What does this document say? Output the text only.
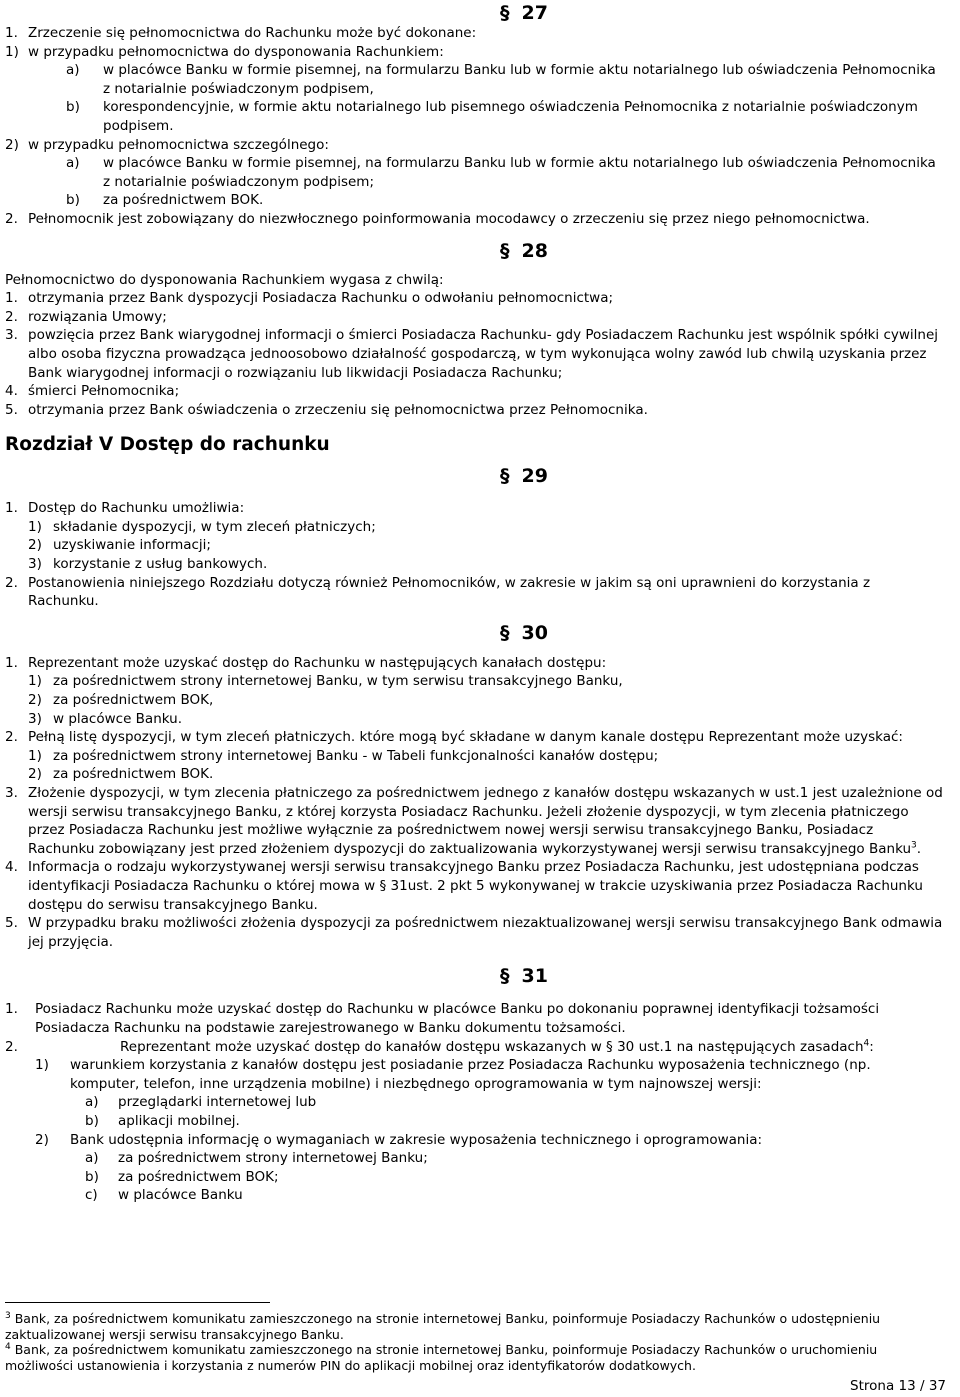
§ 27

1. Zrzeczenie się pełnomocnictwa do Rachunku może być dokonane:
1) w przypadku pełnomocnictwa do dysponowania Rachunkiem:
a) w placówce Banku w formie pisemnej, na formularzu Banku lub w formie aktu notarialnego lub oświadczenia Pełnomocnika z notarialnie poświadczonym podpisem,
b) korespondencyjnie, w formie aktu notarialnego lub pisemnego oświadczenia Pełnomocnika z notarialnie poświadczonym podpisem.
2) w przypadku pełnomocnictwa szczególnego:
a) w placówce Banku w formie pisemnej, na formularzu Banku lub w formie aktu notarialnego lub oświadczenia Pełnomocnika z notarialnie poświadczonym podpisem;
b) za pośrednictwem BOK.
2. Pełnomocnik jest zobowiązany do niezwłocznego poinformowania mocodawcy o zrzeczeniu się przez niego pełnomocnictwa.

§ 28

Pełnomocnictwo do dysponowania Rachunkiem wygasa z chwilą:

1. otrzymania przez Bank dyspozycji Posiadacza Rachunku o odwołaniu pełnomocnictwa;
2. rozwiązania Umowy;
3. powzięcia przez Bank wiarygodnej informacji o śmierci Posiadacza Rachunku- gdy Posiadaczem Rachunku jest wspólnik spółki cywilnej albo osoba fizyczna prowadząca jednoosobowo działalność gospodarczą, w tym wykonująca wolny zawód lub chwilą uzyskania przez Bank wiarygodnej informacji o rozwiązaniu lub likwidacji Posiadacza Rachunku;
4. śmierci Pełnomocnika;
5. otrzymania przez Bank oświadczenia o zrzeczeniu się pełnomocnictwa przez Pełnomocnika.

Rozdział V Dostęp do rachunku

§ 29

1. Dostęp do Rachunku umożliwia:
1) składanie dyspozycji, w tym zleceń płatniczych;
2) uzyskiwanie informacji;
3) korzystanie z usług bankowych.
2. Postanowienia niniejszego Rozdziału dotyczą również Pełnomocników, w zakresie w jakim są oni uprawnieni do korzystania z Rachunku.

§ 30

1. Reprezentant może uzyskać dostęp do Rachunku w następujących kanałach dostępu:
1) za pośrednictwem strony internetowej Banku, w tym serwisu transakcyjnego Banku,
2) za pośrednictwem BOK,
3) w placówce Banku.
2. Pełną listę dyspozycji, w tym zleceń płatniczych. które mogą być składane w danym kanale dostępu Reprezentant może uzyskać:
1) za pośrednictwem strony internetowej Banku - w Tabeli funkcjonalności kanałów dostępu;
2) za pośrednictwem BOK.
3. Złożenie dyspozycji, w tym zlecenia płatniczego za pośrednictwem jednego z kanałów dostępu wskazanych w ust.1 jest uzależnione od wersji serwisu transakcyjnego Banku, z której korzysta Posiadacz Rachunku. Jeżeli złożenie dyspozycji, w tym zlecenia płatniczego przez Posiadacza Rachunku jest możliwe wyłącznie za pośrednictwem nowej wersji serwisu transakcyjnego Banku, Posiadacz Rachunku zobowiązany jest przed złożeniem dyspozycji do zaktualizowania wykorzystywanej wersji serwisu transakcyjnego Banku$^3$.
4. Informacja o rodzaju wykorzystywanej wersji serwisu transakcyjnego Banku przez Posiadacza Rachunku, jest udostępniana podczas identyfikacji Posiadacza Rachunku o której mowa w § 31ust. 2 pkt 5 wykonywanej w trakcie uzyskiwania przez Posiadacza Rachunku dostępu do serwisu transakcyjnego Banku.
5. W przypadku braku możliwości złożenia dyspozycji za pośrednictwem niezaktualizowanej wersji serwisu transakcyjnego Bank odmawia jej przyjęcia.

§ 31

1. Posiadacz Rachunku może uzyskać dostęp do Rachunku w placówce Banku po dokonaniu poprawnej identyfikacji tożsamości Posiadacza Rachunku na podstawie zarejestrowanego w Banku dokumentu tożsamości.
2.	Reprezentant może uzyskać dostęp do kanałów dostępu wskazanych w § 30 ust.1 na następujących zasadach$^4$:
1) warunkiem korzystania z kanałów dostępu jest posiadanie przez Posiadacza Rachunku wyposażenia technicznego (np. komputer, telefon, inne urządzenia mobilne) i niezbędnego oprogramowania w tym najnowszej wersji:
a) przeglądarki internetowej lub
b) aplikacji mobilnej.
2) Bank udostępnia informację o wymaganiach w zakresie wyposażenia technicznego i oprogramowania:
a) za pośrednictwem strony internetowej Banku;
b) za pośrednictwem BOK;
c) w placówce Banku

$^3$ Bank, za pośrednictwem komunikatu zamieszczonego na stronie internetowej Banku, poinformuje Posiadaczy Rachunków o udostępnieniu zaktualizowanej wersji serwisu transakcyjnego Banku.

$^4$ Bank, za pośrednictwem komunikatu zamieszczonego na stronie internetowej Banku, poinformuje Posiadaczy Rachunków o uruchomieniu możliwości ustanowienia i korzystania z numerów PIN do aplikacji mobilnej oraz identyfikatorów dodatkowych.

Strona 13 / 37
